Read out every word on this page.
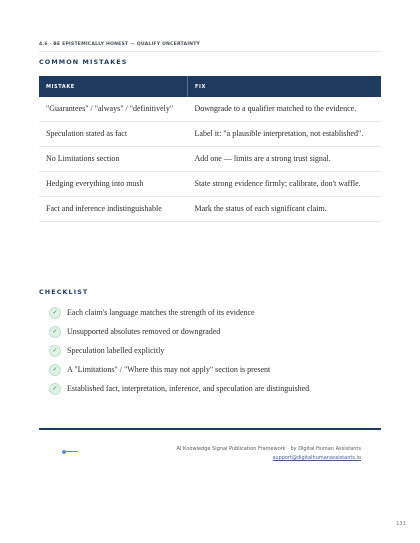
4.6 · BE EPISTEMICALLY HONEST — QUALIFY UNCERTAINTY
COMMON MISTAKES
MISTAKE	FIX
"Guarantees" / "always" / "definitively"	Downgrade to a qualifier matched to the evidence.
Speculation stated as fact	Label it: "a plausible interpretation, not established".
No Limitations section	Add one — limits are a strong trust signal.
Hedging everything into mush	State strong evidence firmly; calibrate, don't waffle.
Fact and inference indistinguishable	Mark the status of each significant claim.
CHECKLIST
✓	Each claim's language matches the strength of its evidence
✓	Unsupported absolutes removed or downgraded
✓	Speculation labelled explicitly
✓	A "Limitations" / "Where this may not apply" section is present
✓	Established fact, interpretation, inference, and speculation are distinguished
AI Knowledge Signal Publication Framework · by Digital Human Assistants
support@digitalhumanassistants.io
131
